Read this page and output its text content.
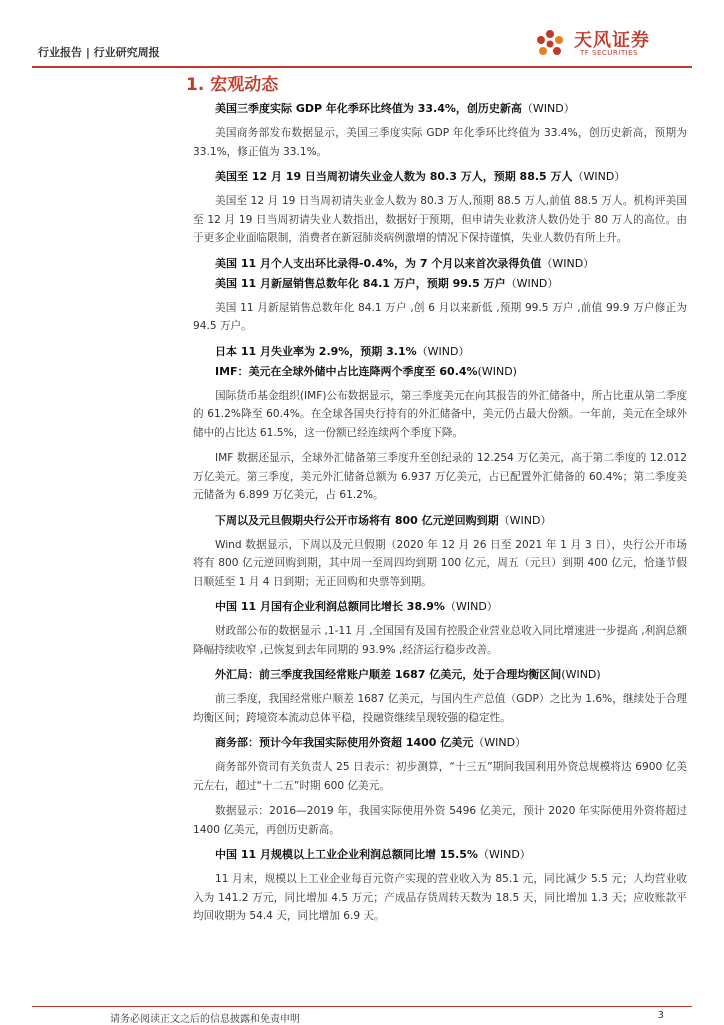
行业报告 | 行业研究周报
天风证券
TF SECURITIES
1. 宏观动态
美国三季度实际 GDP 年化季环比终值为 33.4%，创历史新高（WIND）

美国商务部发布数据显示，美国三季度实际 GDP 年化季环比终值为 33.4%，创历史新高，预期为 33.1%，修正值为 33.1%。

美国至 12 月 19 日当周初请失业金人数为 80.3 万人，预期 88.5 万人（WIND）

美国至 12 月 19 日当周初请失业金人数为 80.3 万人,预期 88.5 万人,前值 88.5 万人。机构评美国至 12 月 19 日当周初请失业人数指出，数据好于预期，但申请失业救济人数仍处于 80 万人的高位。由于更多企业面临限制，消费者在新冠肺炎病例激增的情况下保持谨慎，失业人数仍有所上升。

美国 11 月个人支出环比录得-0.4%，为 7 个月以来首次录得负值（WIND）
美国 11 月新屋销售总数年化 84.1 万户，预期 99.5 万户（WIND）

美国 11 月新屋销售总数年化 84.1 万户 ,创 6 月以来新低 ,预期 99.5 万户 ,前值 99.9 万户修正为 94.5 万户。

日本 11 月失业率为 2.9%，预期 3.1%（WIND）
IMF：美元在全球外储中占比连降两个季度至 60.4%(WIND)

国际货币基金组织(IMF)公布数据显示，第三季度美元在向其报告的外汇储备中，所占比重从第二季度的 61.2%降至 60.4%。在全球各国央行持有的外汇储备中，美元仍占最大份额。一年前，美元在全球外储中的占比达 61.5%，这一份额已经连续两个季度下降。

IMF 数据还显示，全球外汇储备第三季度升至创纪录的 12.254 万亿美元，高于第二季度的 12.012 万亿美元。第三季度，美元外汇储备总额为 6.937 万亿美元，占已配置外汇储备的 60.4%；第二季度美元储备为 6.899 万亿美元，占 61.2%。

下周以及元旦假期央行公开市场将有 800 亿元逆回购到期（WIND）

Wind 数据显示，下周以及元旦假期（2020 年 12 月 26 日至 2021 年 1 月 3 日），央行公开市场将有 800 亿元逆回购到期，其中周一至周四均到期 100 亿元，周五（元旦）到期 400 亿元，恰逢节假日顺延至 1 月 4 日到期；无正回购和央票等到期。

中国 11 月国有企业利润总额同比增长 38.9%（WIND）

财政部公布的数据显示 ,1-11 月 ,全国国有及国有控股企业营业总收入同比增速进一步提高 ,利润总额降幅持续收窄 ,已恢复到去年同期的 93.9% ,经济运行稳步改善。

外汇局：前三季度我国经常账户顺差 1687 亿美元，处于合理均衡区间(WIND)

前三季度，我国经常账户顺差 1687 亿美元，与国内生产总值（GDP）之比为 1.6%，继续处于合理均衡区间；跨境资本流动总体平稳，投融资继续呈现较强的稳定性。

商务部：预计今年我国实际使用外资超 1400 亿美元（WIND）

商务部外资司有关负责人 25 日表示：初步测算，“十三五”期间我国利用外资总规模将达 6900 亿美元左右，超过“十二五”时期 600 亿美元。

数据显示：2016—2019 年，我国实际使用外资 5496 亿美元，预计 2020 年实际使用外资将超过 1400 亿美元，再创历史新高。

中国 11 月规模以上工业企业利润总额同比增 15.5%（WIND）

11 月末，规模以上工业企业每百元资产实现的营业收入为 85.1 元，同比减少 5.5 元；人均营业收入为 141.2 万元，同比增加 4.5 万元；产成品存货周转天数为 18.5 天，同比增加 1.3 天；应收账款平均回收期为 54.4 天，同比增加 6.9 天。

请务必阅读正文之后的信息披露和免责申明	3
